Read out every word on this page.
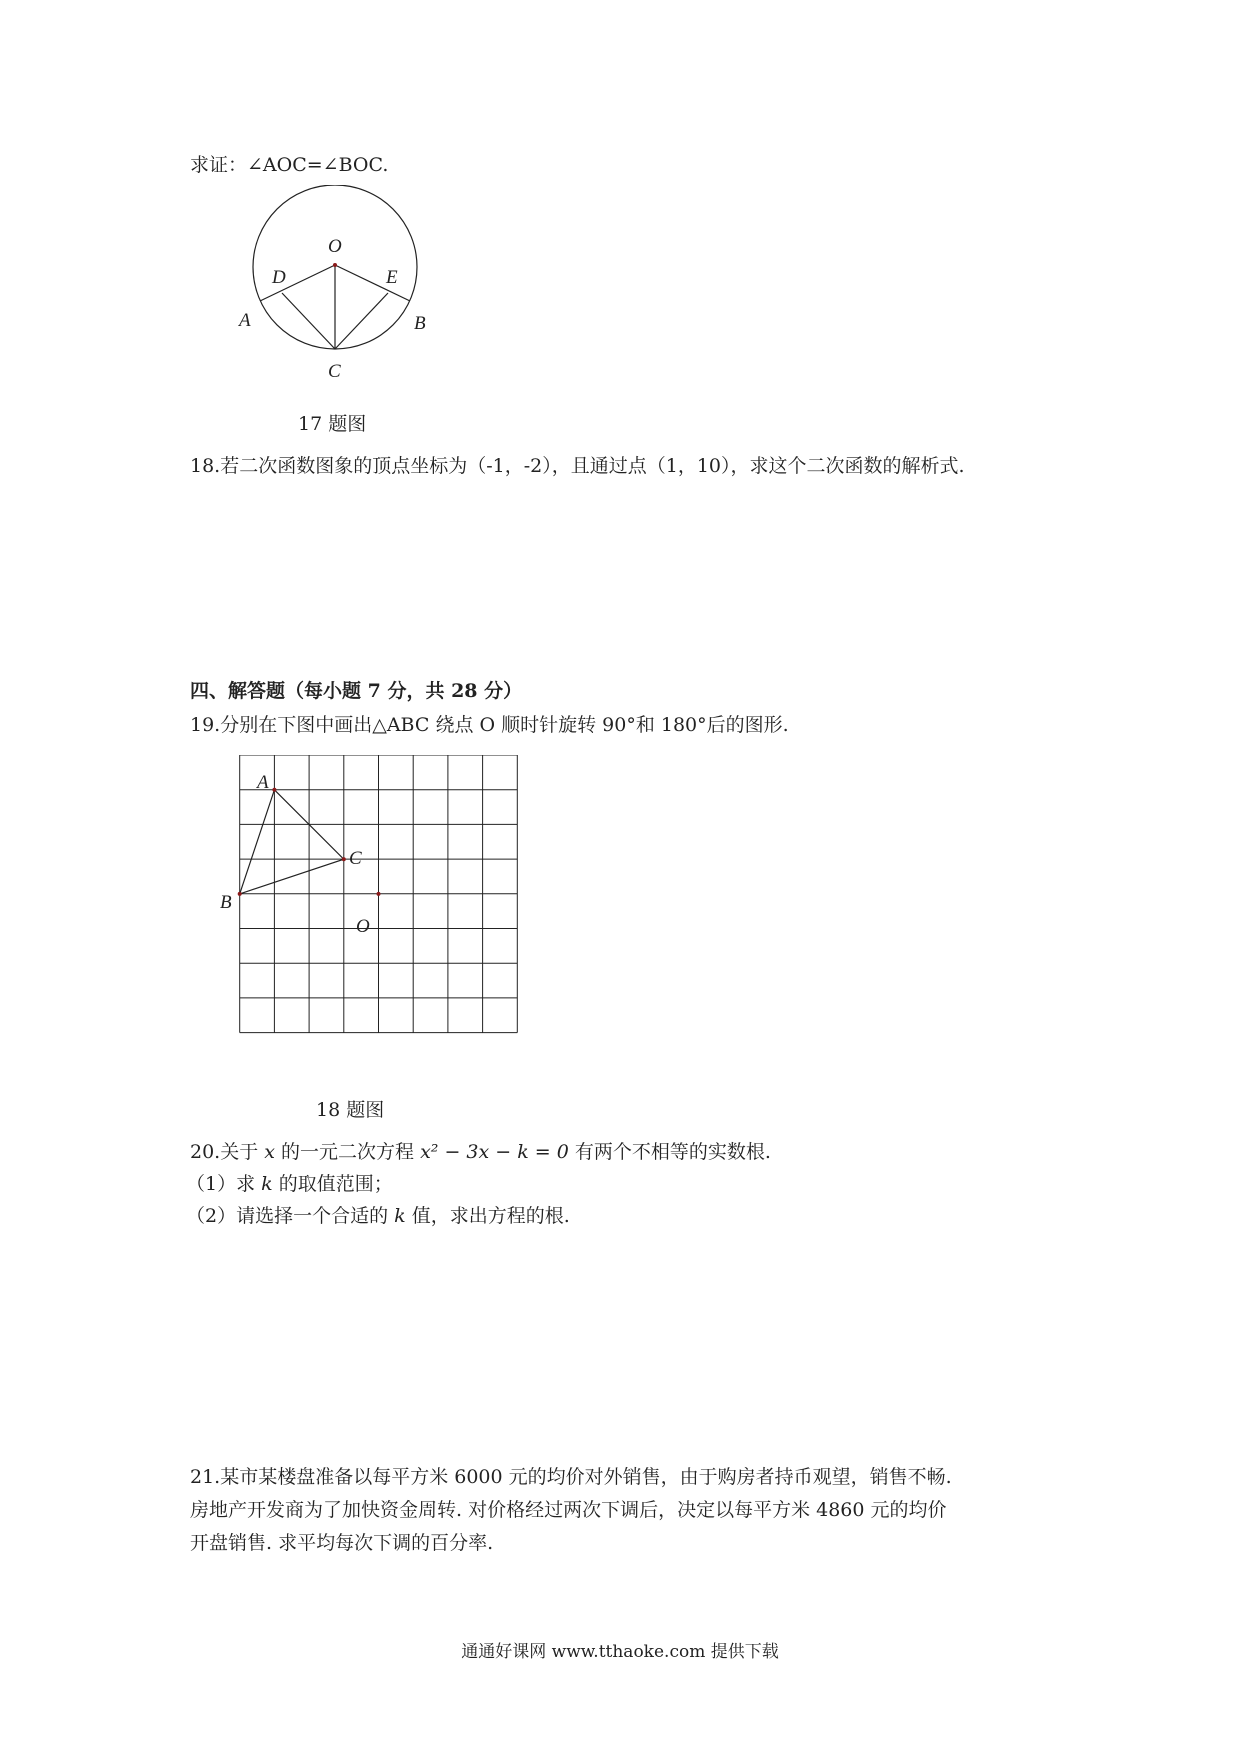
求证：∠AOC=∠BOC.
O
D	E
A	B
C
17 题图
18.若二次函数图象的顶点坐标为（-1，-2），且通过点（1，10），求这个二次函数的解析式.
四、解答题（每小题 7 分，共 28 分）
19.分别在下图中画出△ABC 绕点 O 顺时针旋转 90°和 180°后的图形.
A
B
C
O
18 题图
20.关于 x 的一元二次方程 x² − 3x − k = 0 有两个不相等的实数根.
（1）求 k 的取值范围；
（2）请选择一个合适的 k 值，求出方程的根.
21.某市某楼盘准备以每平方米 6000 元的均价对外销售，由于购房者持币观望，销售不畅.
房地产开发商为了加快资金周转. 对价格经过两次下调后，决定以每平方米 4860 元的均价
开盘销售. 求平均每次下调的百分率.
通通好课网 www.tthaoke.com 提供下载
